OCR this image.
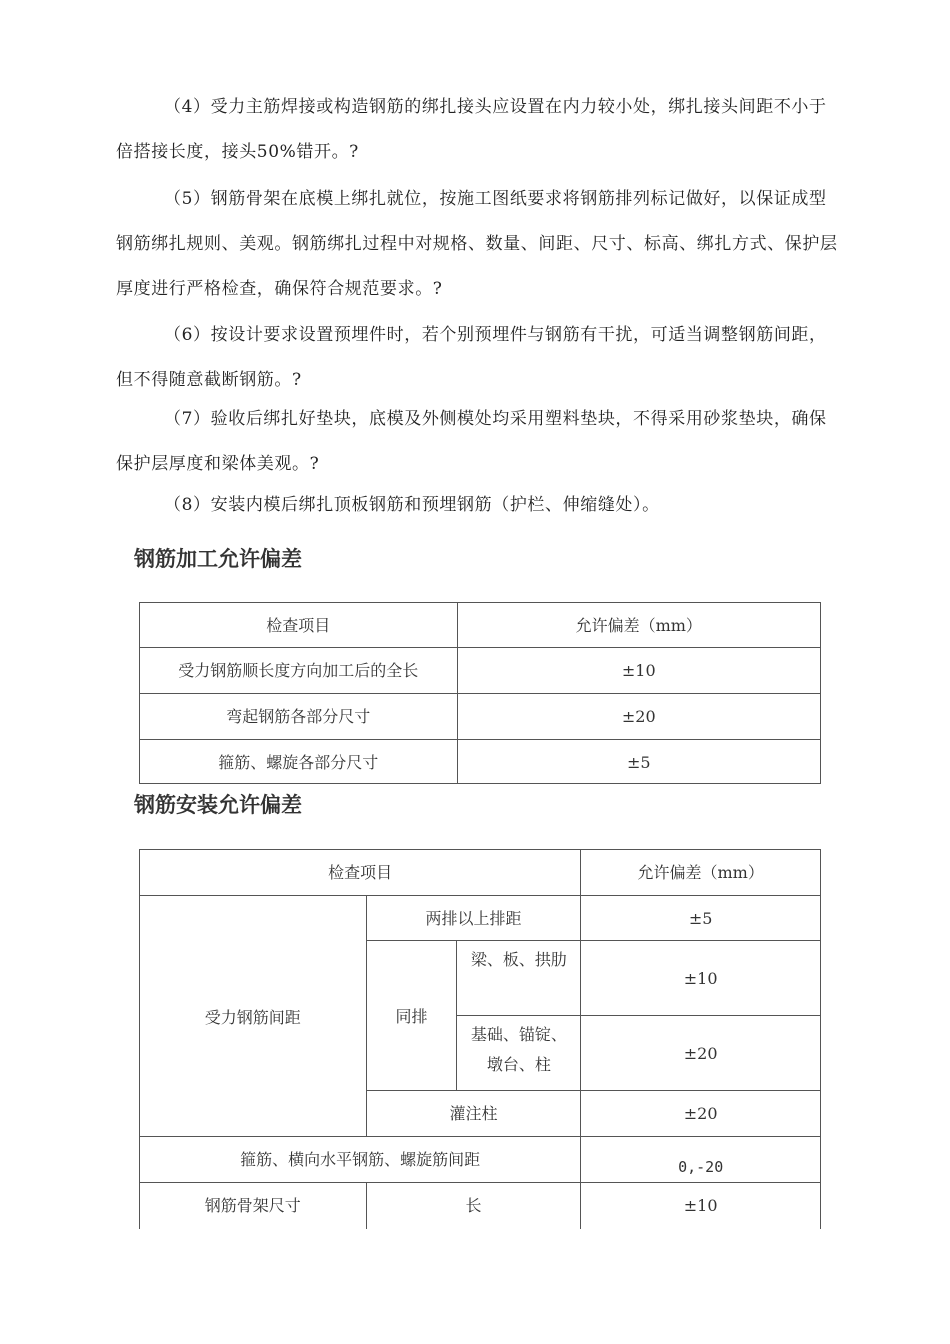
（4）受力主筋焊接或构造钢筋的绑扎接头应设置在内力较小处，绑扎接头间距不小于倍搭接长度，接头50%错开。?

（5）钢筋骨架在底模上绑扎就位，按施工图纸要求将钢筋排列标记做好，以保证成型钢筋绑扎规则、美观。钢筋绑扎过程中对规格、数量、间距、尺寸、标高、绑扎方式、保护层厚度进行严格检查，确保符合规范要求。?

（6）按设计要求设置预埋件时，若个别预埋件与钢筋有干扰，可适当调整钢筋间距，但不得随意截断钢筋。?

（7）验收后绑扎好垫块，底模及外侧模处均采用塑料垫块，不得采用砂浆垫块，确保保护层厚度和梁体美观。?

（8）安装内模后绑扎顶板钢筋和预埋钢筋（护栏、伸缩缝处）。

钢筋加工允许偏差
检查项目	允许偏差（mm）

受力钢筋顺长度方向加工后的全长	±10

弯起钢筋各部分尺寸	±20

箍筋、螺旋各部分尺寸	±5
钢筋安装允许偏差
检查项目			允许偏差（mm）

受力钢筋间距	两排以上排距		±5

	同排	梁、板、拱肋	±10

		基础、锚锭、墩台、柱	±20

	灌注柱		±20

箍筋、横向水平钢筋、螺旋筋间距			0,-20

钢筋骨架尺寸	长		±10
